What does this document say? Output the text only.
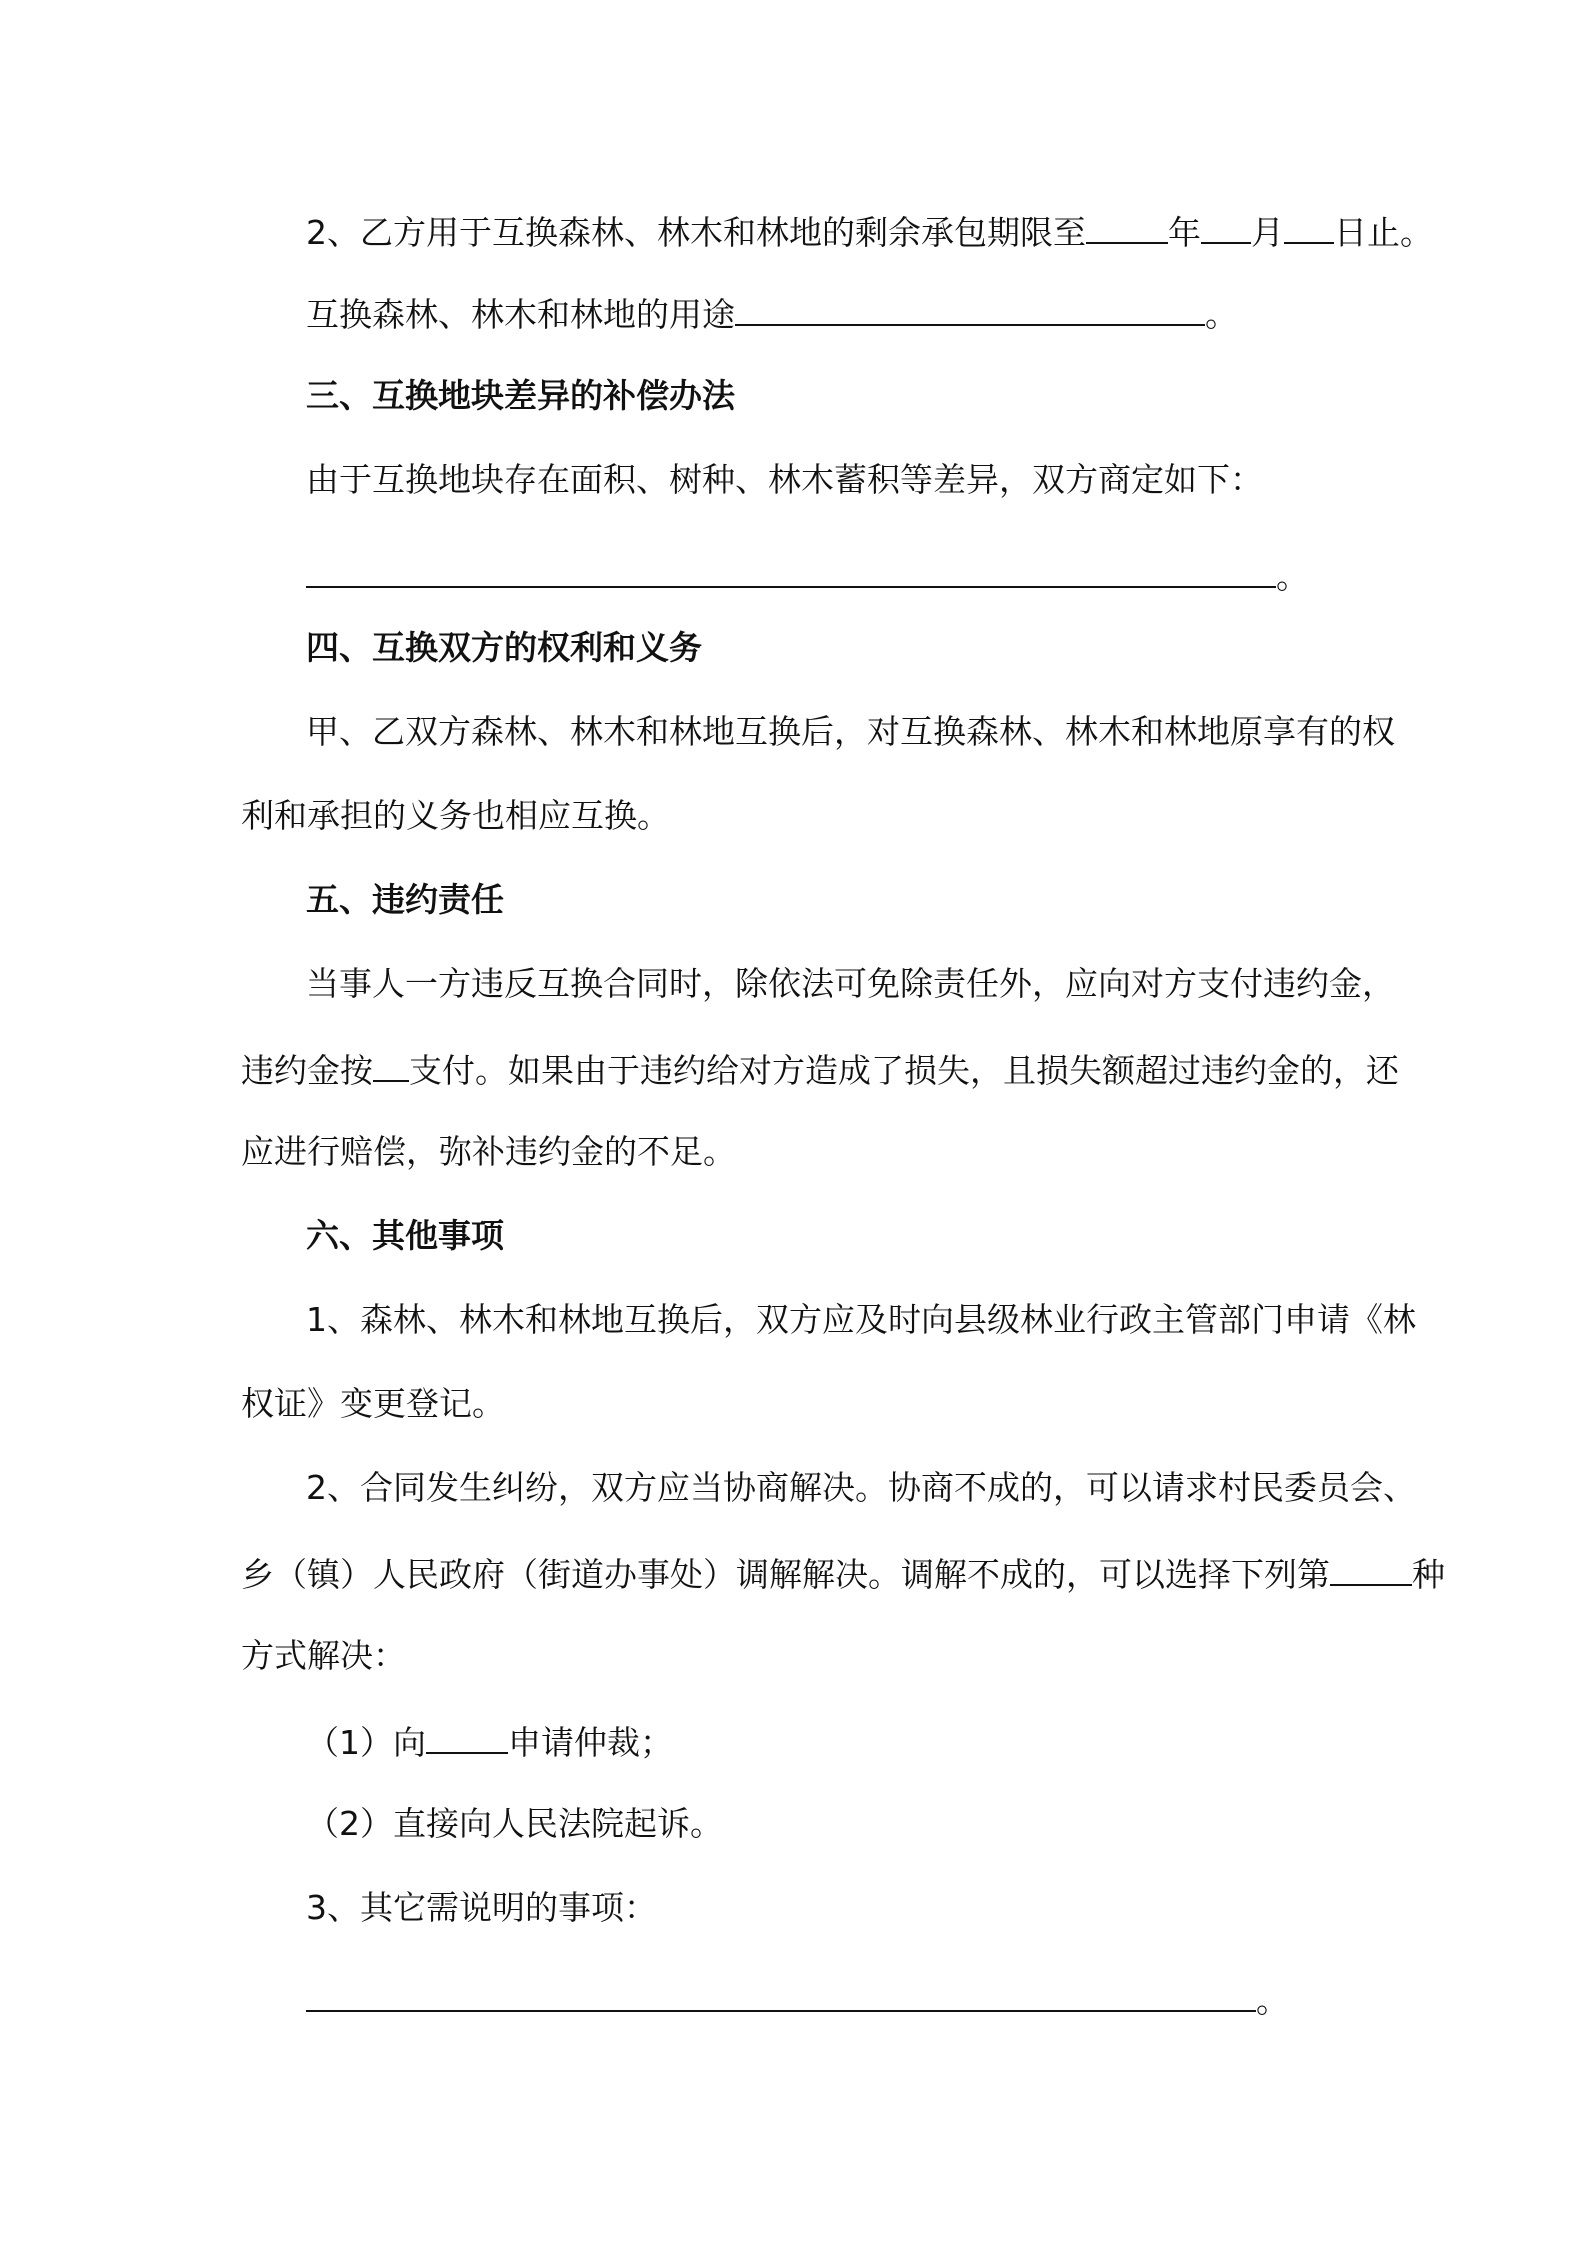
2、乙方用于互换森林、林木和林地的剩余承包期限至 年 月 日止。
互换森林、林木和林地的用途	。
三、互换地块差异的补偿办法
由于互换地块存在面积、树种、林木蓄积等差异，双方商定如下：
。
四、互换双方的权利和义务
甲、乙双方森林、林木和林地互换后，对互换森林、林木和林地原享有的权
利和承担的义务也相应互换。
五、违约责任
当事人一方违反互换合同时，除依法可免除责任外，应向对方支付违约金，
违约金按 支付。如果由于违约给对方造成了损失，且损失额超过违约金的，还
应进行赔偿，弥补违约金的不足。
六、其他事项
1、森林、林木和林地互换后，双方应及时向县级林业行政主管部门申请《林
权证》变更登记。
2、合同发生纠纷，双方应当协商解决。协商不成的，可以请求村民委员会、
乡（镇）人民政府（街道办事处）调解解决。调解不成的，可以选择下列第 种
方式解决：
（1）向 申请仲裁；
（2）直接向人民法院起诉。
3、其它需说明的事项：
。
